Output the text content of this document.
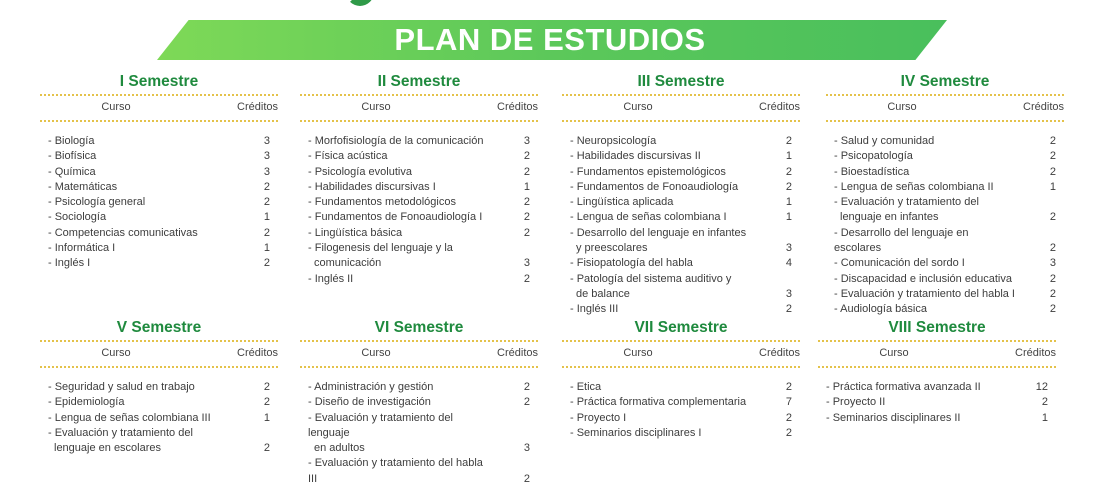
PLAN DE ESTUDIOS
I Semestre
Curso	Créditos
- Biología	3
- Biofísica	3
- Química	3
- Matemáticas	2
- Psicología general	2
- Sociología	1
- Competencias comunicativas	2
- Informática I	1
- Inglés I	2
II Semestre
Curso	Créditos
- Morfofisiología de la comunicación	3
- Física acústica	2
- Psicología evolutiva	2
- Habilidades discursivas I	1
- Fundamentos metodológicos	2
- Fundamentos de Fonoaudiología I	2
- Lingüística básica	2
- Filogenesis del lenguaje y la
comunicación	3
- Inglés II	2
III Semestre
Curso	Créditos
- Neuropsicología	2
- Habilidades discursivas II	1
- Fundamentos epistemológicos	2
- Fundamentos de Fonoaudiología	2
- Lingüística aplicada	1
- Lengua de señas colombiana I	1
- Desarrollo del lenguaje en infantes
y preescolares	3
- Fisiopatología del habla	4
- Patología del sistema auditivo y
de balance	3
- Inglés III	2
IV Semestre
Curso	Créditos
- Salud y comunidad	2
- Psicopatología	2
- Bioestadística	2
- Lengua de señas colombiana II	1
- Evaluación y tratamiento del
lenguaje en infantes	2
- Desarrollo del lenguaje en escolares	2
- Comunicación del sordo I	3
- Discapacidad e inclusión educativa	2
- Evaluación y tratamiento del habla I	2
- Audiología básica	2
V Semestre
Curso	Créditos
- Seguridad y salud en trabajo	2
- Epidemiología	2
- Lengua de señas colombiana III	1
- Evaluación y tratamiento del
lenguaje en escolares	2
VI Semestre
Curso	Créditos
- Administración y gestión	2
- Diseño de investigación	2
- Evaluación y tratamiento del lenguaje
en adultos	3
- Evaluación y tratamiento del habla III	2
VII Semestre
Curso	Créditos
- Etica	2
- Práctica formativa complementaria	7
- Proyecto I	2
- Seminarios disciplinares I	2
VIII Semestre
Curso	Créditos
- Práctica formativa avanzada II	12
- Proyecto II	2
- Seminarios disciplinares II	1
